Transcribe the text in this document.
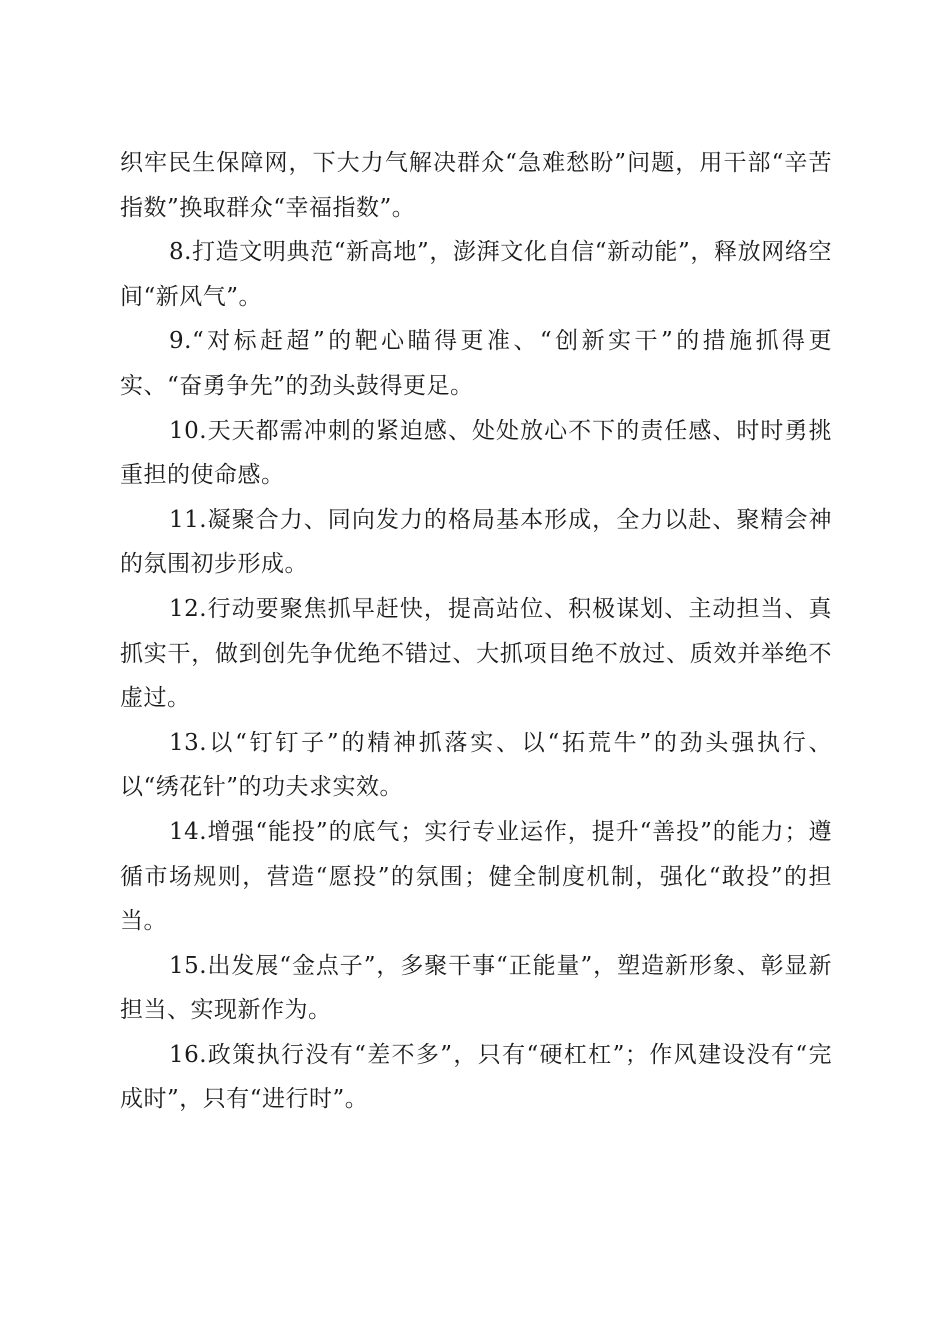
织牢民生保障网，下大力气解决群众“急难愁盼”问题，用干部“辛苦指数”换取群众“幸福指数”。

8.打造文明典范“新高地”，澎湃文化自信“新动能”，释放网络空间“新风气”。

9.“对标赶超”的靶心瞄得更准、“创新实干”的措施抓得更实、“奋勇争先”的劲头鼓得更足。

10.天天都需冲刺的紧迫感、处处放心不下的责任感、时时勇挑重担的使命感。

11.凝聚合力、同向发力的格局基本形成，全力以赴、聚精会神的氛围初步形成。

12.行动要聚焦抓早赶快，提高站位、积极谋划、主动担当、真抓实干，做到创先争优绝不错过、大抓项目绝不放过、质效并举绝不虚过。

13.以“钉钉子”的精神抓落实、以“拓荒牛”的劲头强执行、以“绣花针”的功夫求实效。

14.增强“能投”的底气；实行专业运作，提升“善投”的能力；遵循市场规则，营造“愿投”的氛围；健全制度机制，强化“敢投”的担当。

15.出发展“金点子”，多聚干事“正能量”，塑造新形象、彰显新担当、实现新作为。

16.政策执行没有“差不多”，只有“硬杠杠”；作风建设没有“完成时”，只有“进行时”。
